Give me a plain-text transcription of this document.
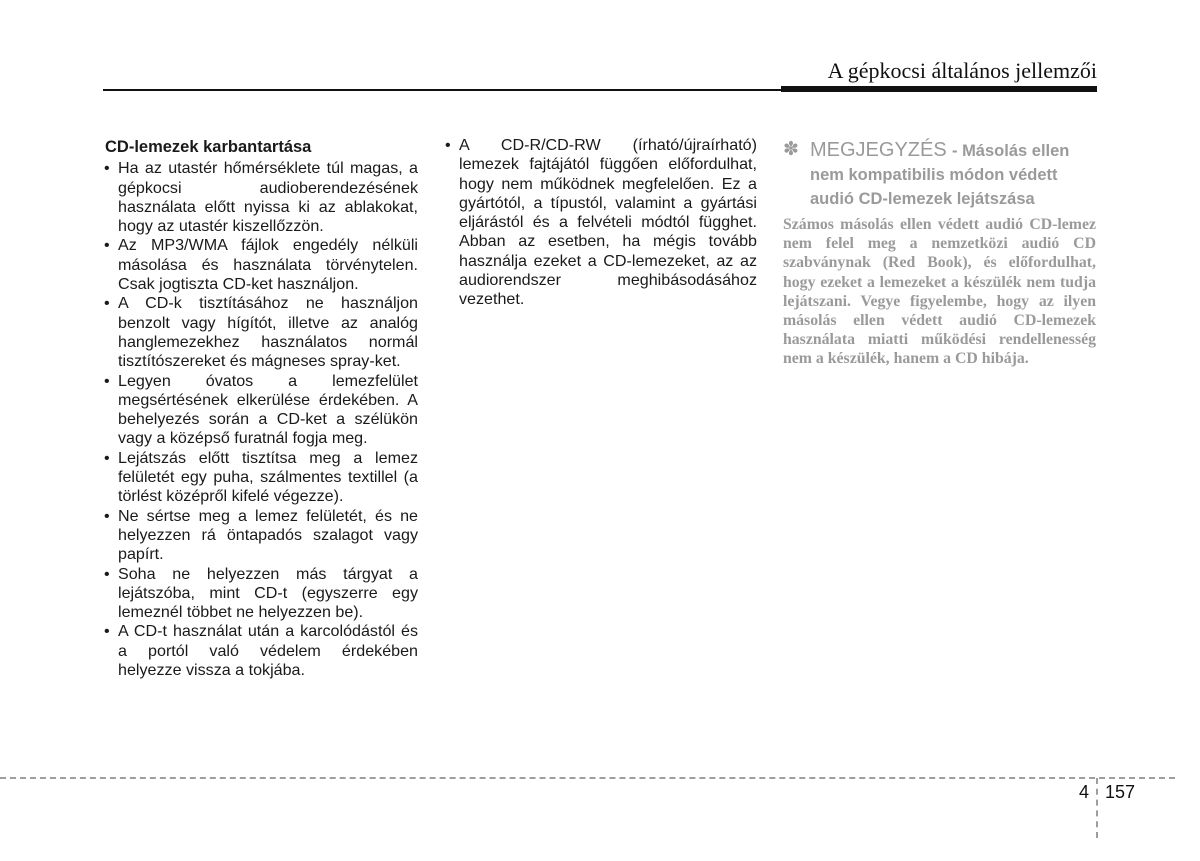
A gépkocsi általános jellemzői
CD-lemezek karbantartása
• Ha az utastér hőmérséklete túl magas, a gépkocsi audioberendezésének használata előtt nyissa ki az ablakokat, hogy az utastér kiszellőzzön.
• Az MP3/WMA fájlok engedély nélküli másolása és használata törvénytelen. Csak jogtiszta CD-ket használjon.
• A CD-k tisztításához ne használjon benzolt vagy hígítót, illetve az analóg hanglemezekhez használatos normál tisztítószereket és mágneses spray-ket.
• Legyen óvatos a lemezfelület megsértésének elkerülése érdekében. A behelyezés során a CD-ket a szélükön vagy a középső furatnál fogja meg.
• Lejátszás előtt tisztítsa meg a lemez felületét egy puha, szálmentes textillel (a törlést középről kifelé végezze).
• Ne sértse meg a lemez felületét, és ne helyezzen rá öntapadós szalagot vagy papírt.
• Soha ne helyezzen más tárgyat a lejátszóba, mint CD-t (egyszerre egy lemeznél többet ne helyezzen be).
• A CD-t használat után a karcolódástól és a portól való védelem érdekében helyezze vissza a tokjába.
• A CD-R/CD-RW (írható/újraírható) lemezek fajtájától függően előfordulhat, hogy nem működnek megfelelően. Ez a gyártótól, a típustól, valamint a gyártási eljárástól és a felvételi módtól függhet. Abban az esetben, ha mégis tovább használja ezeket a CD-lemezeket, az az audiorendszer meghibásodásához vezethet.
✽ MEGJEGYZÉS - Másolás ellen nem kompatibilis módon védett audió CD-lemezek lejátszása

Számos másolás ellen védett audió CD-lemez nem felel meg a nemzetközi audió CD szabványnak (Red Book), és előfordulhat, hogy ezeket a lemezeket a készülék nem tudja lejátszani. Vegye figyelembe, hogy az ilyen másolás ellen védett audió CD-lemezek használata miatti működési rendellenesség nem a készülék, hanem a CD hibája.
4 157
